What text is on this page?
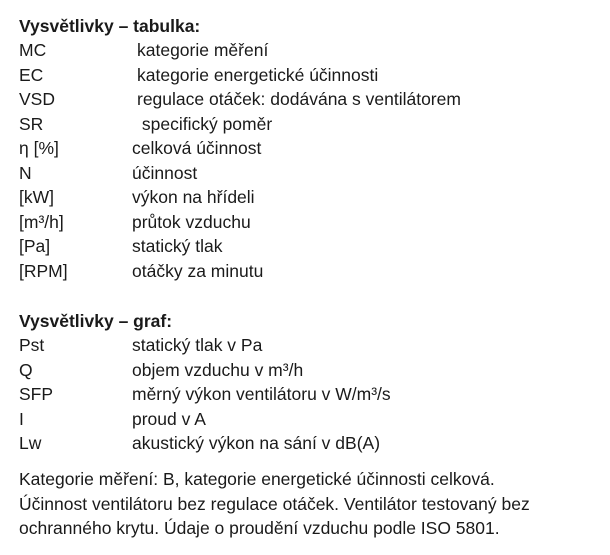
Vysvětlivky – tabulka:
MC	kategorie měření
EC	kategorie energetické účinnosti
VSD	regulace otáček: dodávána s ventilátorem
SR	specifický poměr
η [%]	celková účinnost
N	účinnost
[kW]	výkon na hřídeli
[m³/h]	průtok vzduchu
[Pa]	statický tlak
[RPM]	otáčky za minutu
Vysvětlivky – graf:
Pst	statický tlak v Pa
Q	objem vzduchu v m³/h
SFP	měrný výkon ventilátoru v W/m³/s
I	proud v A
Lw	akustický výkon na sání v dB(A)

Kategorie měření: B, kategorie energetické účinnosti celková.
Účinnost ventilátoru bez regulace otáček. Ventilátor testovaný bez
ochranného krytu. Údaje o proudění vzduchu podle ISO 5801.
